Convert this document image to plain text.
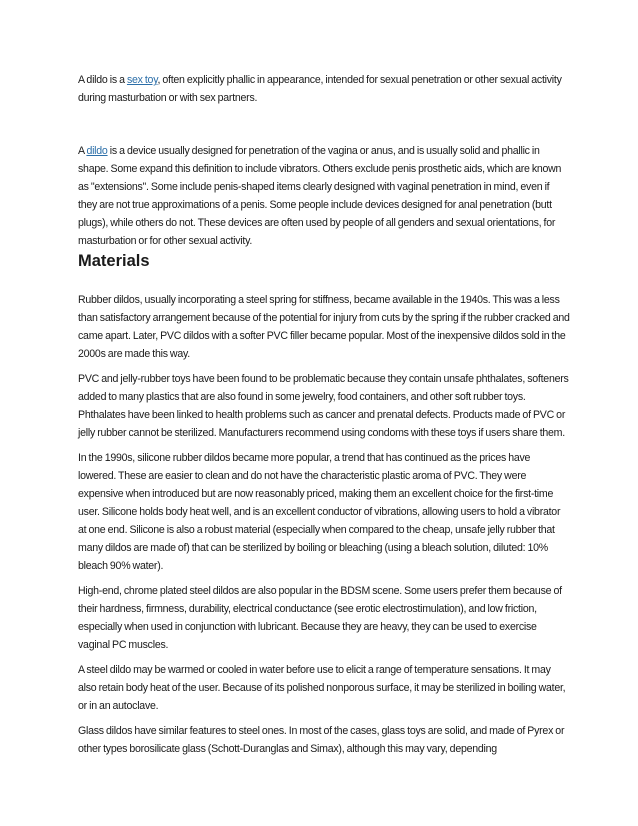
A dildo is a sex toy, often explicitly phallic in appearance, intended for sexual penetration or other sexual activity during masturbation or with sex partners.

A dildo is a device usually designed for penetration of the vagina or anus, and is usually solid and phallic in shape. Some expand this definition to include vibrators. Others exclude penis prosthetic aids, which are known as "extensions". Some include penis-shaped items clearly designed with vaginal penetration in mind, even if they are not true approximations of a penis. Some people include devices designed for anal penetration (butt plugs), while others do not. These devices are often used by people of all genders and sexual orientations, for masturbation or for other sexual activity.

Materials

Rubber dildos, usually incorporating a steel spring for stiffness, became available in the 1940s. This was a less than satisfactory arrangement because of the potential for injury from cuts by the spring if the rubber cracked and came apart. Later, PVC dildos with a softer PVC filler became popular. Most of the inexpensive dildos sold in the 2000s are made this way.

PVC and jelly-rubber toys have been found to be problematic because they contain unsafe phthalates, softeners added to many plastics that are also found in some jewelry, food containers, and other soft rubber toys. Phthalates have been linked to health problems such as cancer and prenatal defects. Products made of PVC or jelly rubber cannot be sterilized. Manufacturers recommend using condoms with these toys if users share them.

In the 1990s, silicone rubber dildos became more popular, a trend that has continued as the prices have lowered. These are easier to clean and do not have the characteristic plastic aroma of PVC. They were expensive when introduced but are now reasonably priced, making them an excellent choice for the first-time user. Silicone holds body heat well, and is an excellent conductor of vibrations, allowing users to hold a vibrator at one end. Silicone is also a robust material (especially when compared to the cheap, unsafe jelly rubber that many dildos are made of) that can be sterilized by boiling or bleaching (using a bleach solution, diluted: 10% bleach 90% water).

High-end, chrome plated steel dildos are also popular in the BDSM scene. Some users prefer them because of their hardness, firmness, durability, electrical conductance (see erotic electrostimulation), and low friction, especially when used in conjunction with lubricant. Because they are heavy, they can be used to exercise vaginal PC muscles.

A steel dildo may be warmed or cooled in water before use to elicit a range of temperature sensations. It may also retain body heat of the user. Because of its polished nonporous surface, it may be sterilized in boiling water, or in an autoclave.

Glass dildos have similar features to steel ones. In most of the cases, glass toys are solid, and made of Pyrex or other types borosilicate glass (Schott-Duranglas and Simax), although this may vary, depending
